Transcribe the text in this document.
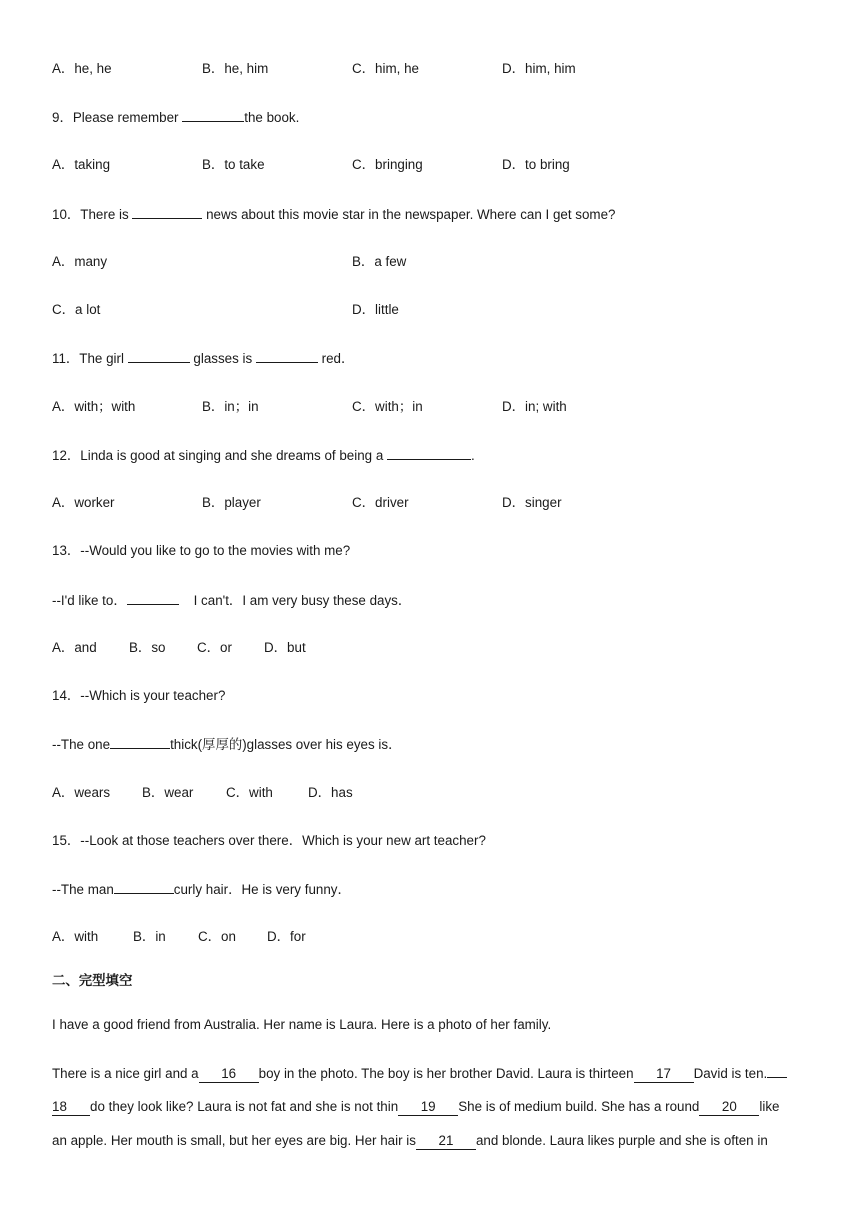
A．he, he	B．he, him	C．him, he	D．him, him
9．Please remember	the book.
A．taking	B．to take	C．bringing	D．to bring
10．There is	news about this movie star in the newspaper. Where can I get some?
A．many	B．a few
C．a lot	D．little
11．The girl	glasses is	red．
A．with；with	B．in；in	C．with；in	D．in; with
12．Linda is good at singing and she dreams of being a	.
A．worker	B．player	C．driver	D．singer
13．--Would you like to go to the movies with me?
--I'd like to．	I can't．I am very busy these days．
A．and B．so C．or D．but
14．--Which is your teacher?
--The one	thick(厚厚的)glasses over his eyes is．
A．wears B．wear C．with	D．has
15．--Look at those teachers over there．Which is your new art teacher?
--The man	curly hair．He is very funny．
A．with	B．in C．on D．for
二、完型填空
I have a good friend from Australia. Her name is Laura. Here is a photo of her family.
There is a nice girl and a 16 boy in the photo. The boy is her brother David. Laura is thirteen 17 David is ten.
18 do they look like? Laura is not fat and she is not thin 19 She is of medium build. She has a round 20 like
an apple. Her mouth is small, but her eyes are big. Her hair is 21 and blonde. Laura likes purple and she is often in
